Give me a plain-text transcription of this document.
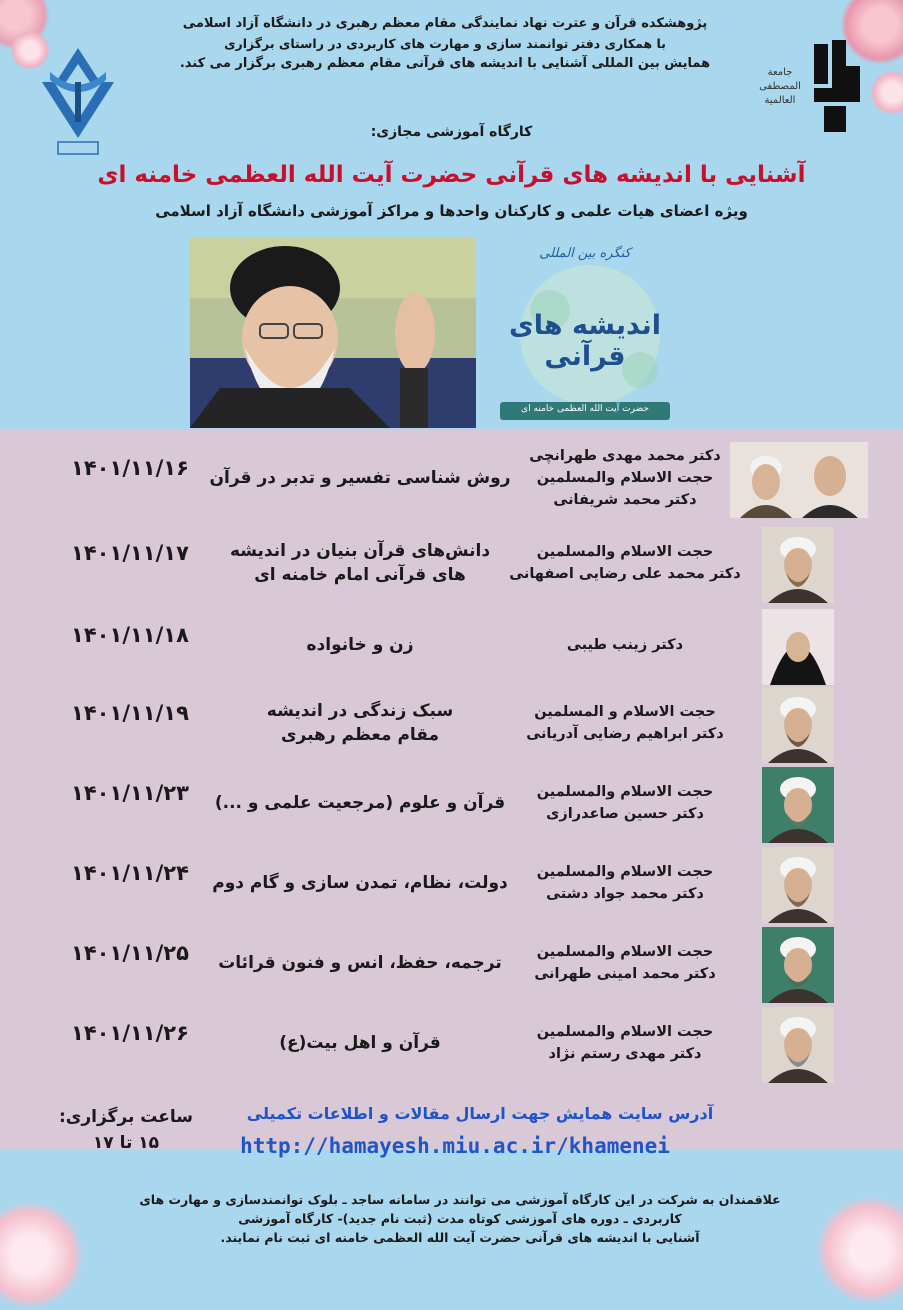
جامعة
المصطفى
العالمية
پژوهشکده قرآن و عترت نهاد نمایندگی مقام معظم رهبری در دانشگاه آزاد اسلامی
با همکاری دفتر توانمند سازی و مهارت های کاربردی در راستای برگزاری
همایش بین المللی آشنایی با اندیشه های قرآنی مقام معظم رهبری برگزار می کند.
کارگاه آموزشی مجازی:
آشنایی با اندیشه های قرآنی حضرت آیت الله العظمی خامنه ای
ویژه اعضای هیات علمی و کارکنان واحدها و مراکز آموزشی دانشگاه آزاد اسلامی
کنگره بین المللی
اندیشه های قرآنی
حضرت آیت الله العظمی خامنه ای
۱۴۰۱/۱۱/۱۶	روش شناسی تفسیر و تدبر در قرآن
دکتر محمد مهدی طهرانچی
حجت الاسلام والمسلمین
دکتر محمد شریفانی
۱۴۰۱/۱۱/۱۷	دانش‌های قرآن بنیان در اندیشه
های قرآنی امام خامنه ای
حجت الاسلام والمسلمین
دکتر محمد علی رضایی اصفهانی
۱۴۰۱/۱۱/۱۸	زن و خانواده	دکتر زینب طیبی
۱۴۰۱/۱۱/۱۹	سبک زندگی در اندیشه
مقام معظم رهبری
حجت الاسلام و المسلمین
دکتر ابراهیم رضایی آدریانی
۱۴۰۱/۱۱/۲۳	قرآن و علوم (مرجعیت علمی و ...)
حجت الاسلام والمسلمین
دکتر حسین صاعدرازی
۱۴۰۱/۱۱/۲۴	دولت، نظام، تمدن سازی و گام دوم
حجت الاسلام والمسلمین
دکتر محمد جواد دشتی
۱۴۰۱/۱۱/۲۵	ترجمه، حفظ، انس و فنون قرائات
حجت الاسلام والمسلمین
دکتر محمد امینی طهرانی
۱۴۰۱/۱۱/۲۶	قرآن و اهل بیت(ع)
حجت الاسلام والمسلمین
دکتر مهدی رستم نژاد
ساعت برگزاری:
۱۵ تا ۱۷
آدرس سایت همایش جهت ارسال مقالات و اطلاعات تکمیلی
http://hamayesh.miu.ac.ir/khamenei
علاقمندان به شرکت در این کارگاه آموزشی می توانند در سامانه ساجد ـ بلوک توانمندسازی و مهارت های
کاربردی ـ دوره های آموزشی کوتاه مدت (ثبت نام جدید)- کارگاه آموزشی
آشنایی با اندیشه های قرآنی حضرت آیت الله العظمی خامنه ای ثبت نام نمایند.
